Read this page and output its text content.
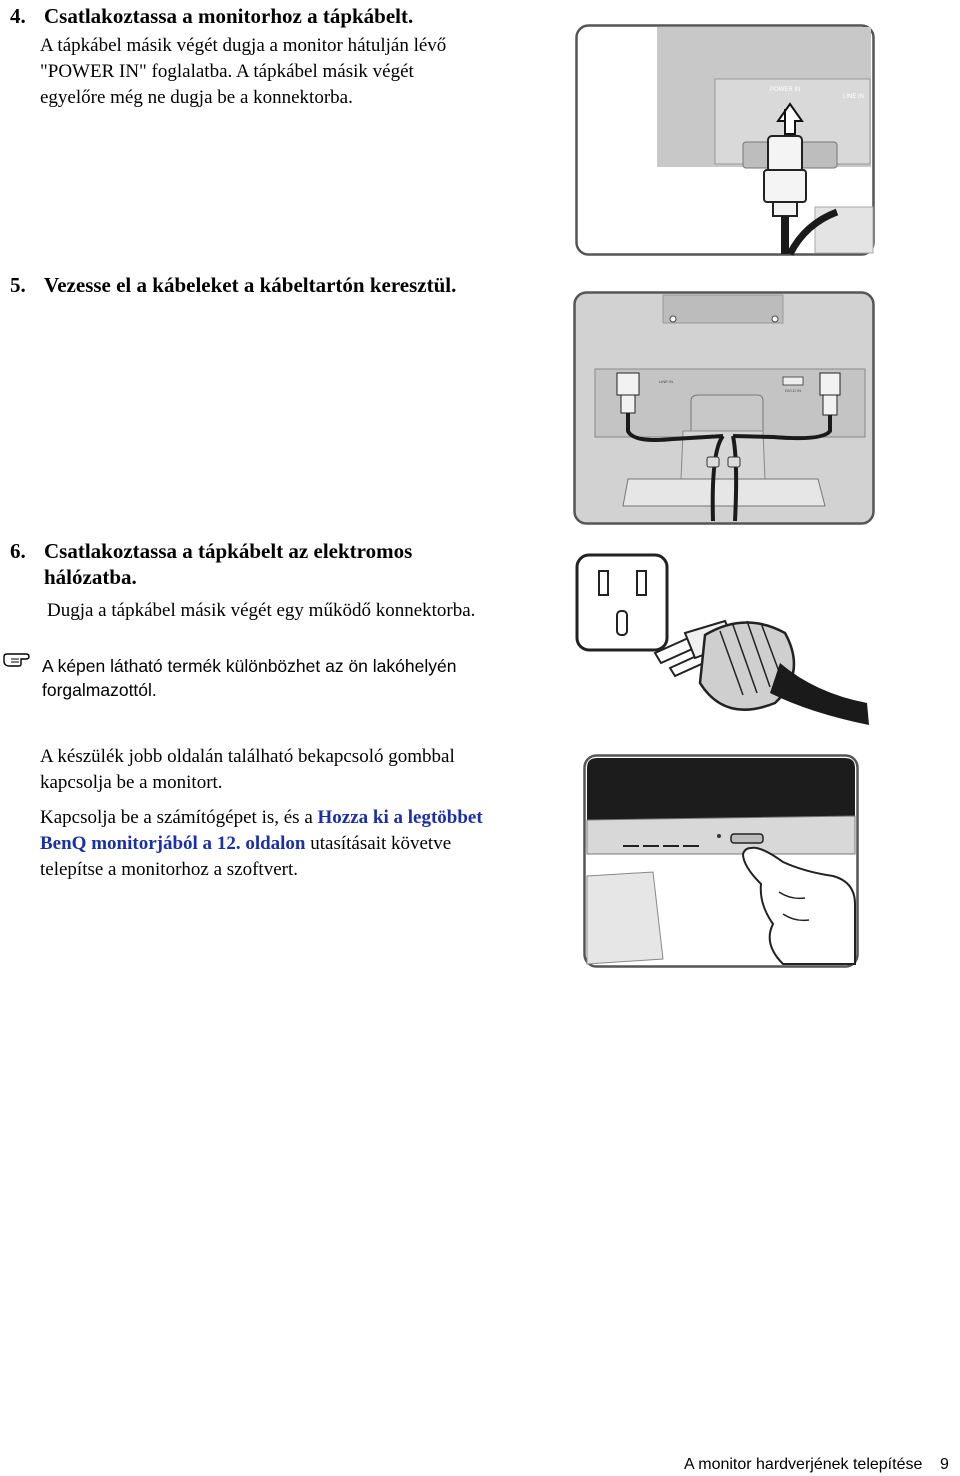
4. Csatlakoztassa a monitorhoz a tápkábelt.
A tápkábel másik végét dugja a monitor hátulján lévő
"POWER IN" foglalatba. A tápkábel másik végét
egyelőre még ne dugja be a konnektorba.	POWER IN
LINE IN
5. Vezesse el a kábeleket a kábeltartón keresztül.
LINE IN
DVI-D IN
6. Csatlakoztassa a tápkábelt az elektromos
hálózatba.
Dugja a tápkábel másik végét egy működő konnektorba.
A képen látható termék különbözhet az ön lakóhelyén
forgalmazottól.
A készülék jobb oldalán található bekapcsoló gombbal
kapcsolja be a monitort.
Kapcsolja be a számítógépet is, és a Hozza ki a legtöbbet
BenQ monitorjából a 12. oldalon utasításait követve
telepítse a monitorhoz a szoftvert.
A monitor hardverjének telepítése 9
